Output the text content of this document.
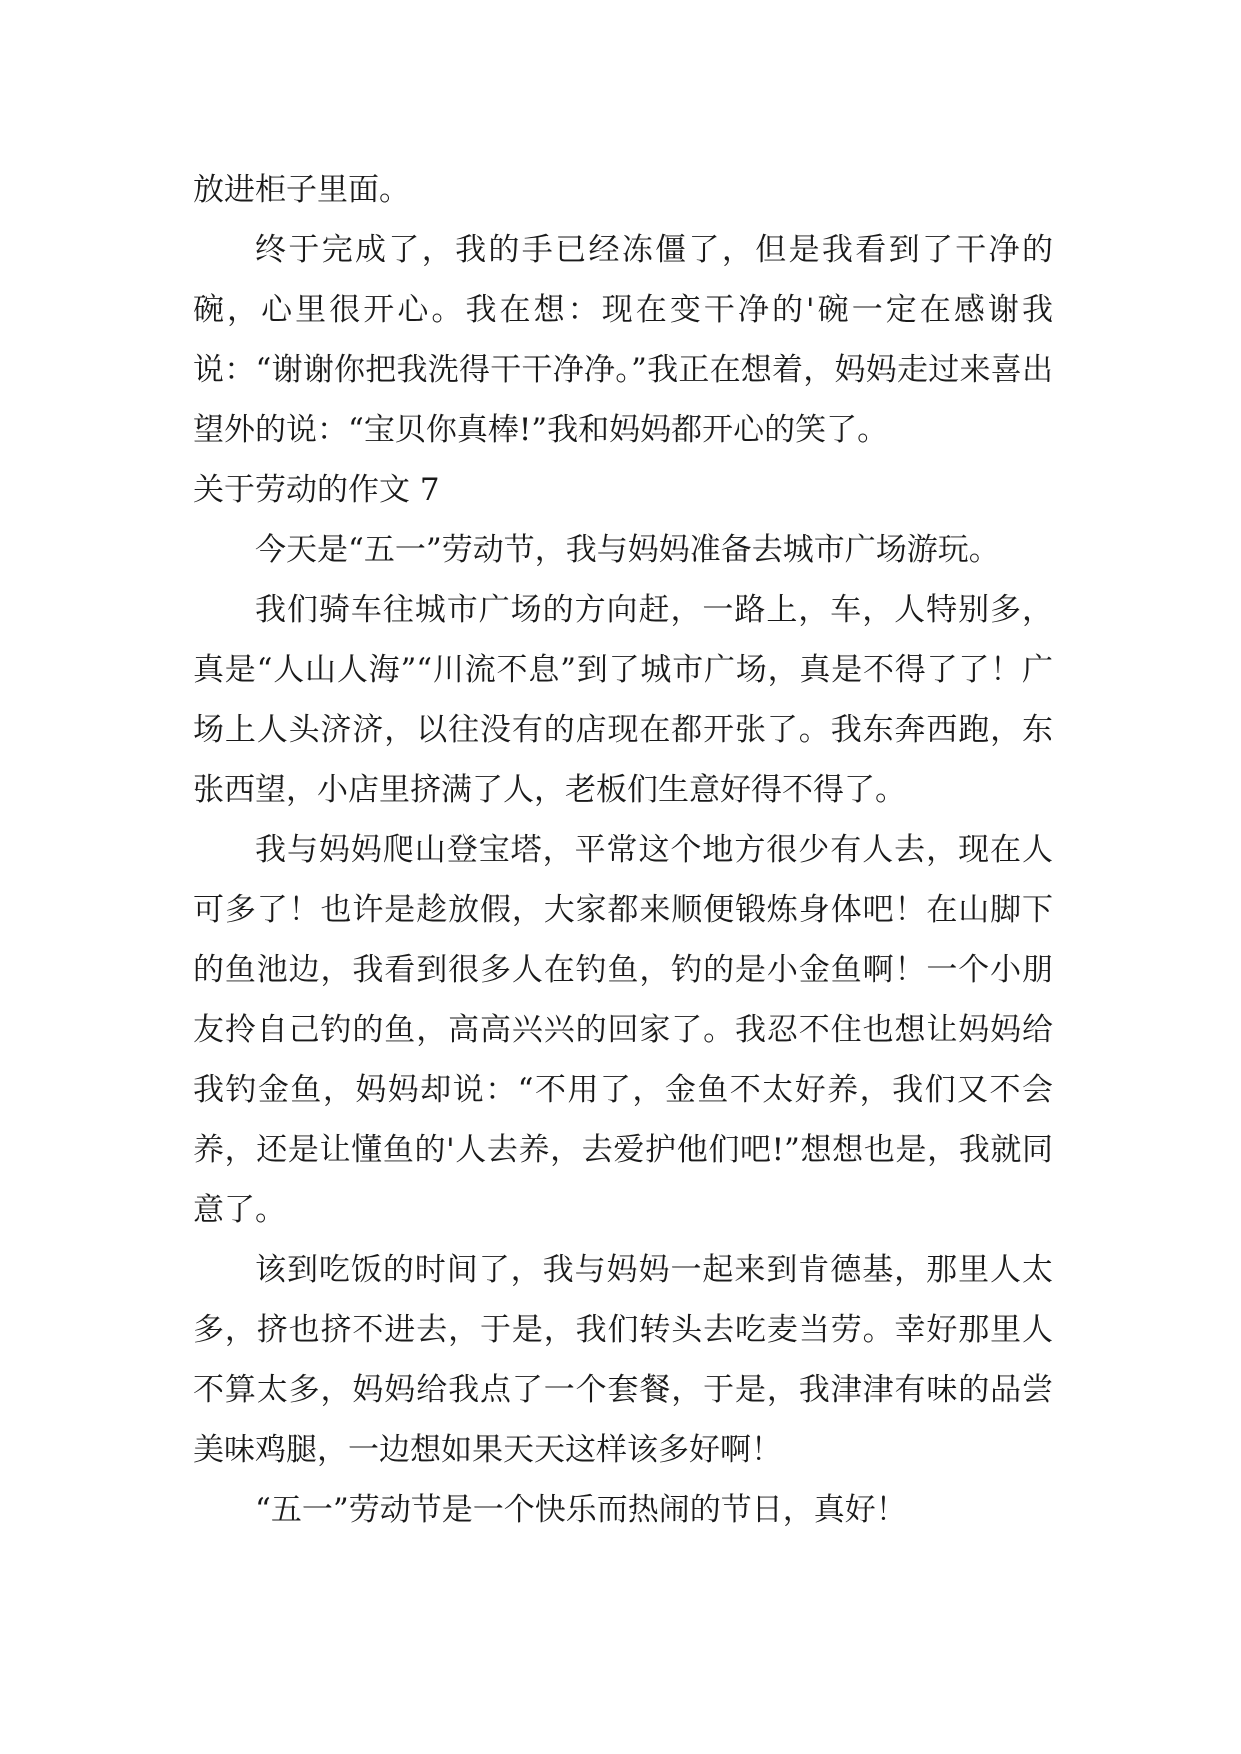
放进柜子里面。

终于完成了，我的手已经冻僵了，但是我看到了干净的碗，心里很开心。我在想：现在变干净的'碗一定在感谢我说：“谢谢你把我洗得干干净净。”我正在想着，妈妈走过来喜出望外的说：“宝贝你真棒!”我和妈妈都开心的笑了。

关于劳动的作文 7

今天是“五一”劳动节，我与妈妈准备去城市广场游玩。

我们骑车往城市广场的方向赶，一路上，车，人特别多，真是“人山人海”“川流不息”到了城市广场，真是不得了了！广场上人头济济，以往没有的店现在都开张了。我东奔西跑，东张西望，小店里挤满了人，老板们生意好得不得了。

我与妈妈爬山登宝塔，平常这个地方很少有人去，现在人可多了！也许是趁放假，大家都来顺便锻炼身体吧！在山脚下的鱼池边，我看到很多人在钓鱼，钓的是小金鱼啊！一个小朋友拎自己钓的鱼，高高兴兴的回家了。我忍不住也想让妈妈给我钓金鱼，妈妈却说：“不用了，金鱼不太好养，我们又不会养，还是让懂鱼的'人去养，去爱护他们吧!”想想也是，我就同意了。

该到吃饭的时间了，我与妈妈一起来到肯德基，那里人太多，挤也挤不进去，于是，我们转头去吃麦当劳。幸好那里人不算太多，妈妈给我点了一个套餐，于是，我津津有味的品尝美味鸡腿，一边想如果天天这样该多好啊！

“五一”劳动节是一个快乐而热闹的节日，真好！
